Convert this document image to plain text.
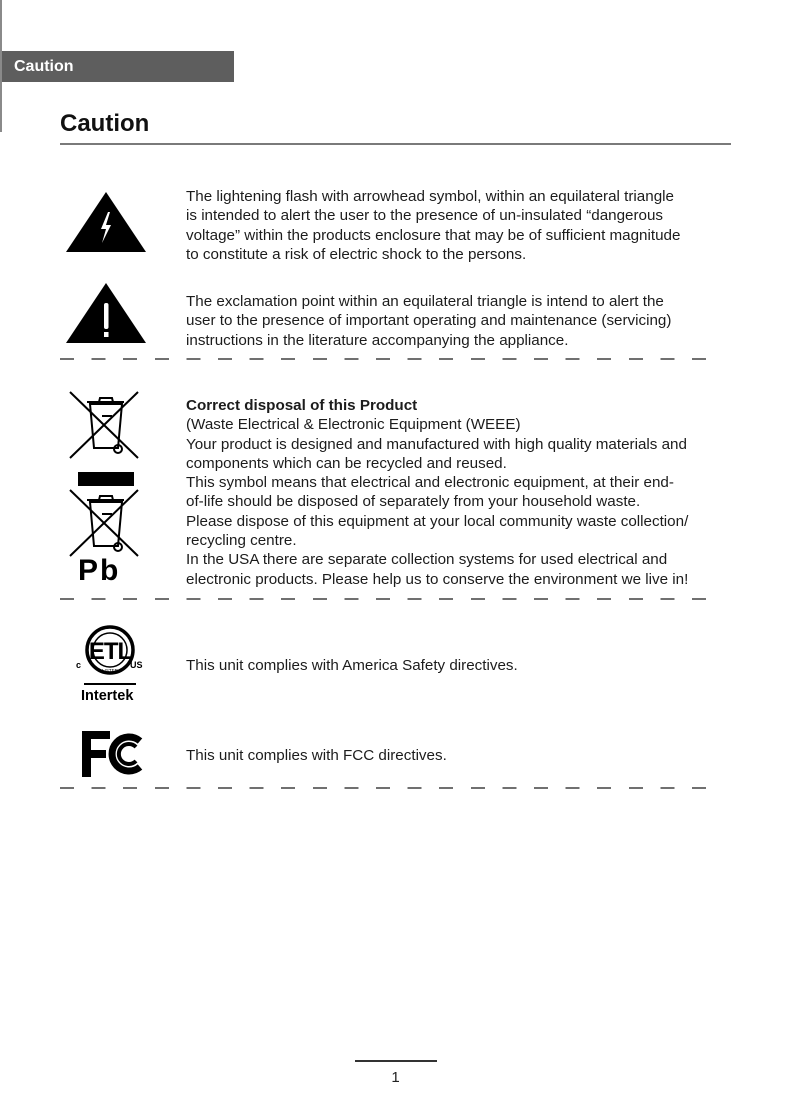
Caution
Caution

The lightening flash with arrowhead symbol, within an equilateral triangle

is intended to alert the user to the presence of un-insulated “dangerous

voltage” within the products enclosure that may be of sufficient magnitude

to constitute a risk of electric shock to the persons.

The exclamation point within an equilateral triangle is intend to alert the

user to the presence of important operating and maintenance (servicing)

instructions in the literature accompanying the appliance.

Pb

Correct disposal of this Product

(Waste Electrical & Electronic Equipment (WEEE)

Your product is designed and manufactured with high quality materials and

components which can be recycled and reused.

This symbol means that electrical and electronic equipment, at their end-

of-life should be disposed of separately from your household waste.

Please dispose of this equipment at your local community waste collection/

recycling centre.

In the USA there are separate collection systems for used electrical and

electronic products. Please help us to conserve the environment we live in!

ETL
LISTED
c	US
Intertek

This unit complies with America Safety directives.

This unit complies with FCC directives.

1
